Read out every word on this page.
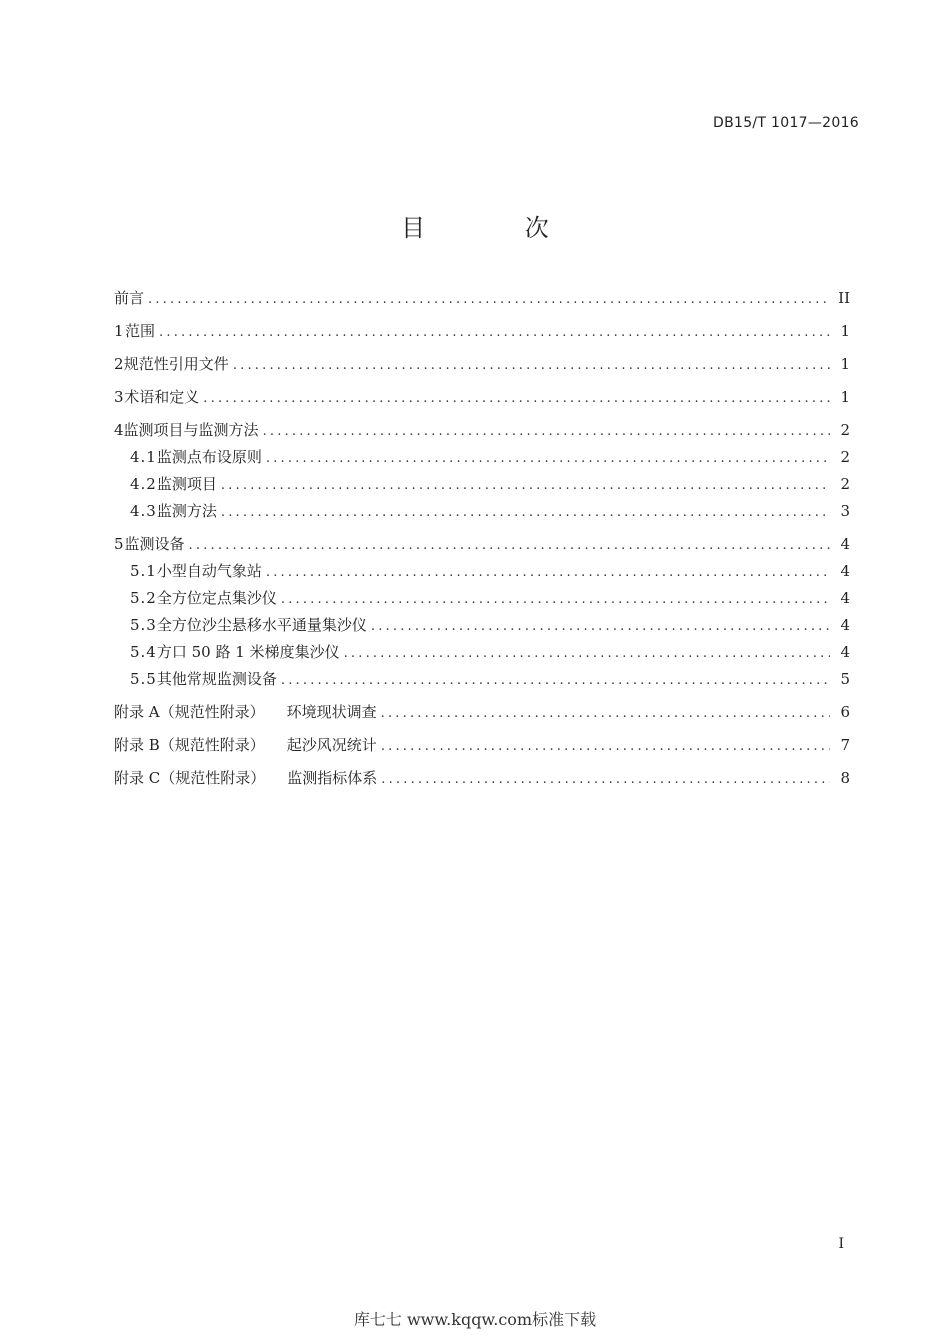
DB15/T 1017—2016
目 次
前言 .....	II
1 范围 .....	1
2 规范性引用文件 .....	1
3 术语和定义 .....	1
4 监测项目与监测方法 .....	2
4.1 监测点布设原则 .....	2
4.2 监测项目 .....	2
4.3 监测方法 .....	3
5 监测设备 .....	4
5.1 小型自动气象站 .....	4
5.2 全方位定点集沙仪 .....	4
5.3 全方位沙尘悬移水平通量集沙仪 .....	4
5.4 方口 50 路 1 米梯度集沙仪 .....	4
5.5 其他常规监测设备 .....	5
附录 A（规范性附录） 环境现状调查 .....	6
附录 B（规范性附录） 起沙风况统计 .....	7
附录 C（规范性附录） 监测指标体系 .....	8
I
库七七 www.kqqw.com标准下载
